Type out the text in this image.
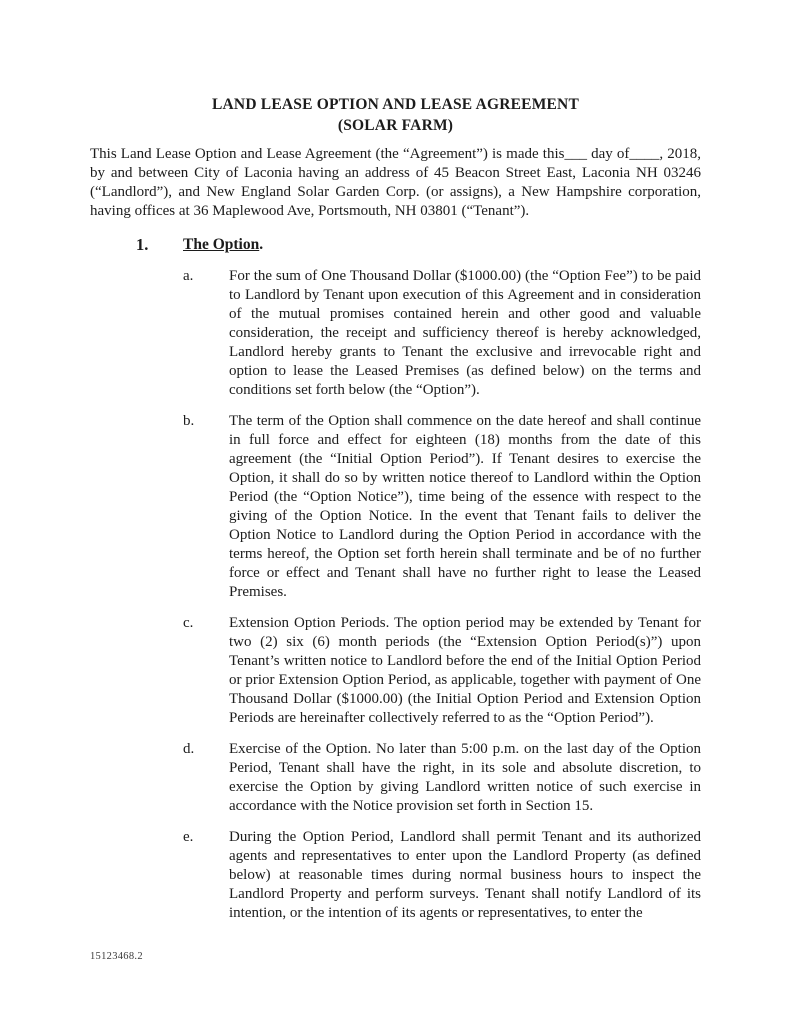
LAND LEASE OPTION AND LEASE AGREEMENT
(SOLAR FARM)

This Land Lease Option and Lease Agreement (the “Agreement”) is made this___ day of____, 2018, by and between City of Laconia having an address of 45 Beacon Street East, Laconia NH 03246 (“Landlord”), and New England Solar Garden Corp. (or assigns), a New Hampshire corporation, having offices at 36 Maplewood Ave, Portsmouth, NH 03801 (“Tenant”).

1. The Option.
a. For the sum of One Thousand Dollar ($1000.00) (the “Option Fee”) to be paid to Landlord by Tenant upon execution of this Agreement and in consideration of the mutual promises contained herein and other good and valuable consideration, the receipt and sufficiency thereof is hereby acknowledged, Landlord hereby grants to Tenant the exclusive and irrevocable right and option to lease the Leased Premises (as defined below) on the terms and conditions set forth below (the “Option”).
b. The term of the Option shall commence on the date hereof and shall continue in full force and effect for eighteen (18) months from the date of this agreement (the “Initial Option Period”). If Tenant desires to exercise the Option, it shall do so by written notice thereof to Landlord within the Option Period (the “Option Notice”), time being of the essence with respect to the giving of the Option Notice. In the event that Tenant fails to deliver the Option Notice to Landlord during the Option Period in accordance with the terms hereof, the Option set forth herein shall terminate and be of no further force or effect and Tenant shall have no further right to lease the Leased Premises.
c. Extension Option Periods. The option period may be extended by Tenant for two (2) six (6) month periods (the “Extension Option Period(s)”) upon Tenant’s written notice to Landlord before the end of the Initial Option Period or prior Extension Option Period, as applicable, together with payment of One Thousand Dollar ($1000.00) (the Initial Option Period and Extension Option Periods are hereinafter collectively referred to as the “Option Period”).
d. Exercise of the Option. No later than 5:00 p.m. on the last day of the Option Period, Tenant shall have the right, in its sole and absolute discretion, to exercise the Option by giving Landlord written notice of such exercise in accordance with the Notice provision set forth in Section 15.
e. During the Option Period, Landlord shall permit Tenant and its authorized agents and representatives to enter upon the Landlord Property (as defined below) at reasonable times during normal business hours to inspect the Landlord Property and perform surveys. Tenant shall notify Landlord of its intention, or the intention of its agents or representatives, to enter the
15123468.2
